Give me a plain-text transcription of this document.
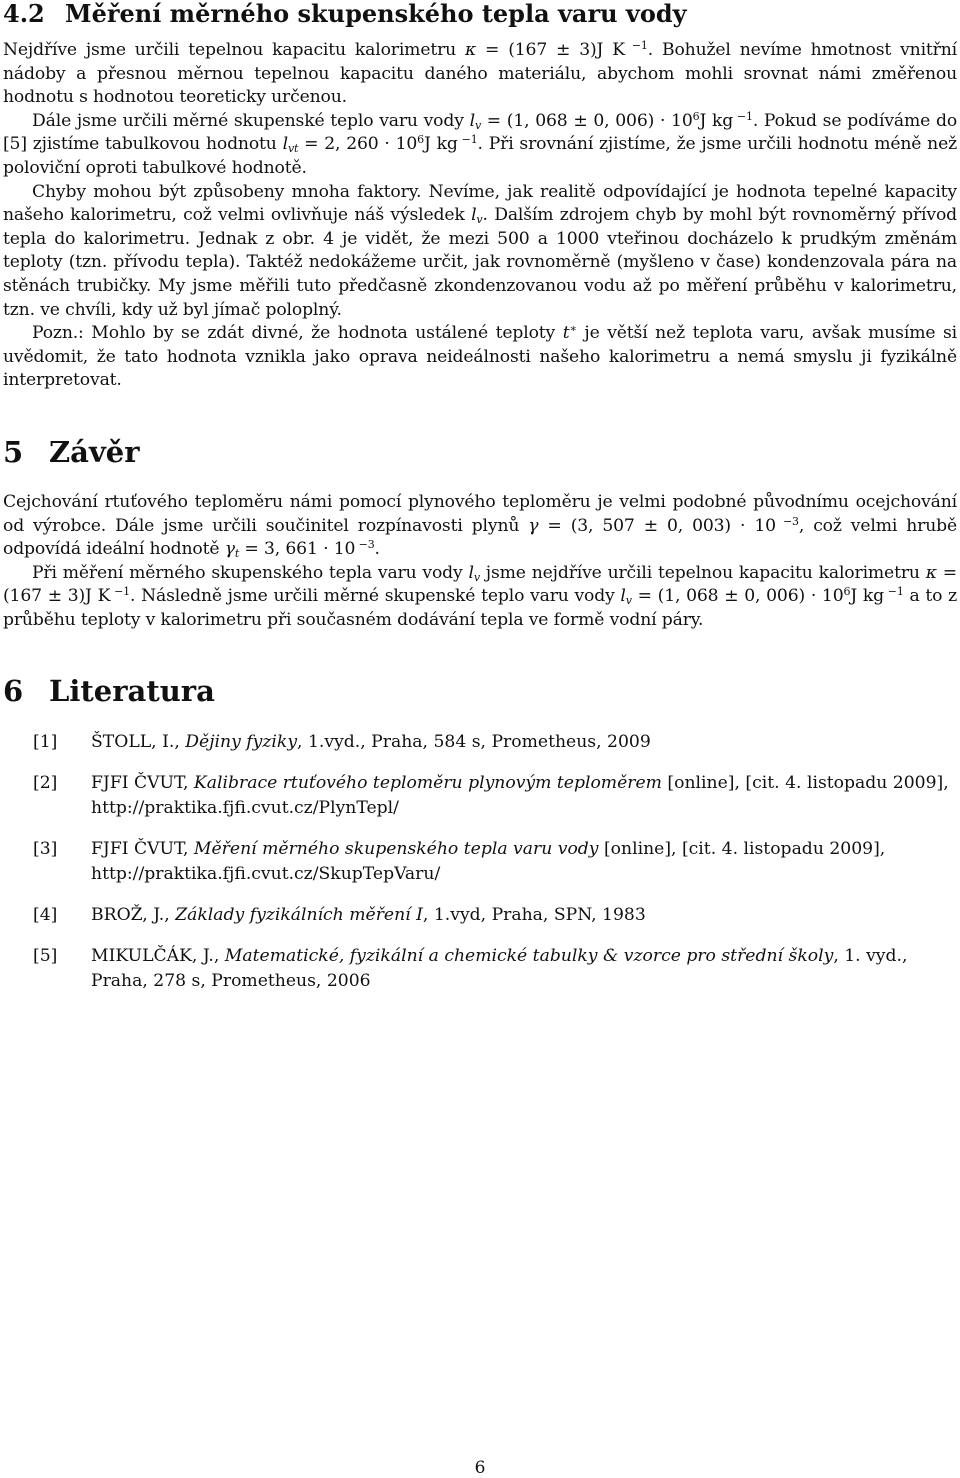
4.2 Měření měrného skupenského tepla varu vody

Nejdříve jsme určili tepelnou kapacitu kalorimetru κ = (167 ± 3)J K $^{-1}$. Bohužel nevíme hmotnost vnitřní nádoby a přesnou měrnou tepelnou kapacitu daného materiálu, abychom mohli srovnat námi změřenou hodnotu s hodnotou teoreticky určenou.

Dále jsme určili měrné skupenské teplo varu vody $l_v = (1$, 068 ± 0, $006) \cdot 10^6J$ kg $^{-1}$. Pokud se podíváme do [5] zjistíme tabulkovou hodnotu $l_{vt} = 2$, $260 \cdot 10^6J$ kg $^{-1}$. Při srovnání zjistíme, že jsme určili hodnotu méně než poloviční oproti tabulkové hodnotě.

Chyby mohou být způsobeny mnoha faktory. Nevíme, jak realitě odpovídající je hodnota tepelné kapacity našeho kalorimetru, což velmi ovlivňuje náš výsledek $l_v$. Dalším zdrojem chyb by mohl být rovnoměrný přívod tepla do kalorimetru. Jednak z obr. 4 je vidět, že mezi 500 a 1000 vteřinou docházelo k prudkým změnám teploty (tzn. přívodu tepla). Taktéž nedokážeme určit, jak rovnoměrně (myšleno v čase) kondenzovala pára na stěnách trubičky. My jsme měřili tuto předčasně zkondenzovanou vodu až po měření průběhu v kalorimetru, tzn. ve chvíli, kdy už byl jímač poloplný.

Pozn.: Mohlo by se zdát divné, že hodnota ustálené teploty t∗ je větší než teplota varu, avšak musíme si uvědomit, že tato hodnota vznikla jako oprava neideálnosti našeho kalorimetru a nemá smyslu ji fyzikálně interpretovat.

5 Závěr

Cejchování rtuťového teploměru námi pomocí plynového teploměru je velmi podobné původnímu ocejchování od výrobce. Dále jsme určili součinitel rozpínavosti plynů γ = (3, 507 ± 0, 003) · 10 $^{-3}$, což velmi hrubě odpovídá ideální hodnotě $\gamma_t = 3$, 661 · 10 $^{-3}$.

Při měření měrného skupenského tepla varu vody $l_v$ jsme nejdříve určili tepelnou kapacitu kalorimetru κ = (167 ± 3)J K $^{-1}$. Následně jsme určili měrné skupenské teplo varu vody $l_v = (1$, 068 ± 0, $006) \cdot 10^6J$ kg $^{-1}$ a to z průběhu teploty v kalorimetru při současném dodávání tepla ve formě vodní páry.

6 Literatura
[1]	ŠTOLL, I., Dějiny fyziky, 1.vyd., Praha, 584 s, Prometheus, 2009
[2]	FJFI ČVUT, Kalibrace rtuťového teploměru plynovým teploměrem [online], [cit. 4. listopadu 2009], http://praktika.fjfi.cvut.cz/PlynTepl/
[3]	FJFI ČVUT, Měření měrného skupenského tepla varu vody [online], [cit. 4. listopadu 2009], http://praktika.fjfi.cvut.cz/SkupTepVaru/
[4]	BROŽ, J., Základy fyzikálních měření I, 1.vyd, Praha, SPN, 1983
[5]	MIKULČÁK, J., Matematické, fyzikální a chemické tabulky & vzorce pro střední školy, 1. vyd., Praha, 278 s, Prometheus, 2006
6
